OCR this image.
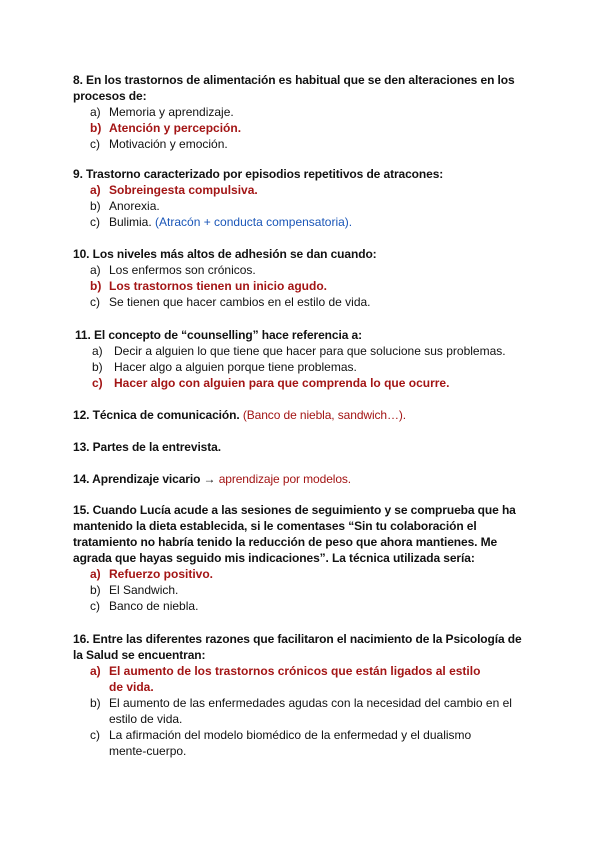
8. En los trastornos de alimentación es habitual que se den alteraciones en los procesos de:
a) Memoria y aprendizaje.
b) Atención y percepción.
c) Motivación y emoción.
9. Trastorno caracterizado por episodios repetitivos de atracones:
a) Sobreingesta compulsiva.
b) Anorexia.
c) Bulimia. (Atracón + conducta compensatoria).
10. Los niveles más altos de adhesión se dan cuando:
a) Los enfermos son crónicos.
b) Los trastornos tienen un inicio agudo.
c) Se tienen que hacer cambios en el estilo de vida.
11. El concepto de “counselling” hace referencia a:
a) Decir a alguien lo que tiene que hacer para que solucione sus problemas.
b) Hacer algo a alguien porque tiene problemas.
c) Hacer algo con alguien para que comprenda lo que ocurre.
12. Técnica de comunicación. (Banco de niebla, sandwich…).
13. Partes de la entrevista.
14. Aprendizaje vicario → aprendizaje por modelos.
15. Cuando Lucía acude a las sesiones de seguimiento y se comprueba que ha mantenido la dieta establecida, si le comentases “Sin tu colaboración el tratamiento no habría tenido la reducción de peso que ahora mantienes. Me agrada que hayas seguido mis indicaciones”. La técnica utilizada sería:
a) Refuerzo positivo.
b) El Sandwich.
c) Banco de niebla.
16. Entre las diferentes razones que facilitaron el nacimiento de la Psicología de la Salud se encuentran:
a) El aumento de los trastornos crónicos que están ligados al estilo de vida.
b) El aumento de las enfermedades agudas con la necesidad del cambio en el estilo de vida.
c) La afirmación del modelo biomédico de la enfermedad y el dualismo mente-cuerpo.
